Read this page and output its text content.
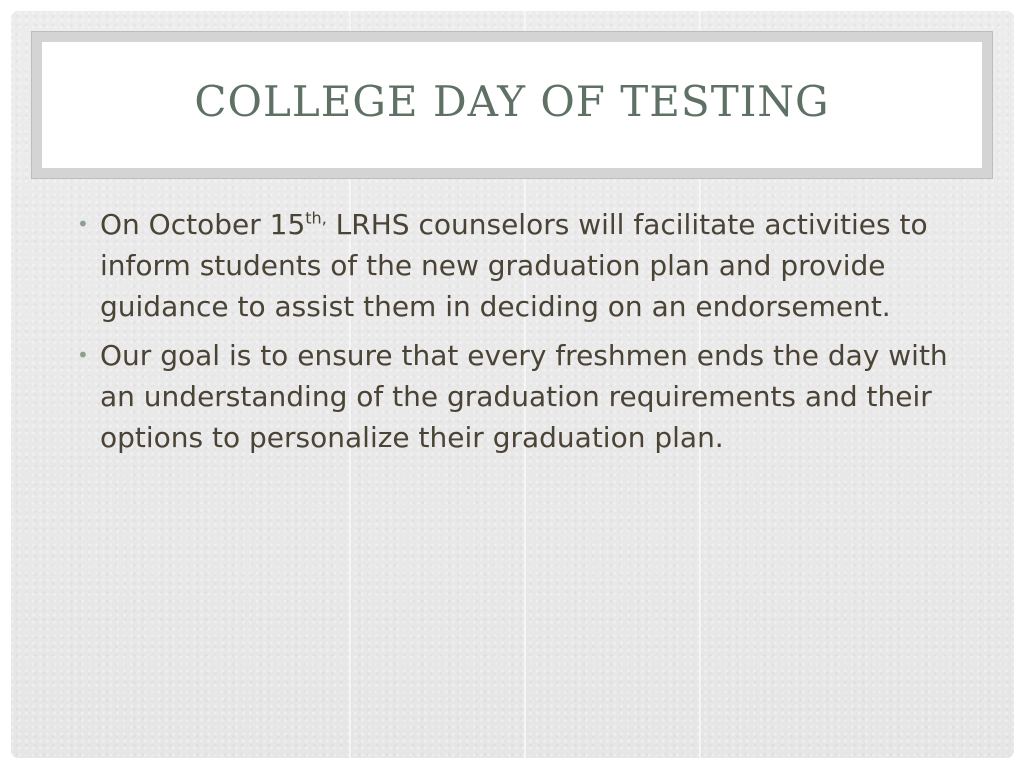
COLLEGE DAY OF TESTING
• On October $15^{th,}$ LRHS counselors will facilitate activities to inform students of the new graduation plan and provide guidance to assist them in deciding on an endorsement.
• Our goal is to ensure that every freshmen ends the day with an understanding of the graduation requirements and their options to personalize their graduation plan.
